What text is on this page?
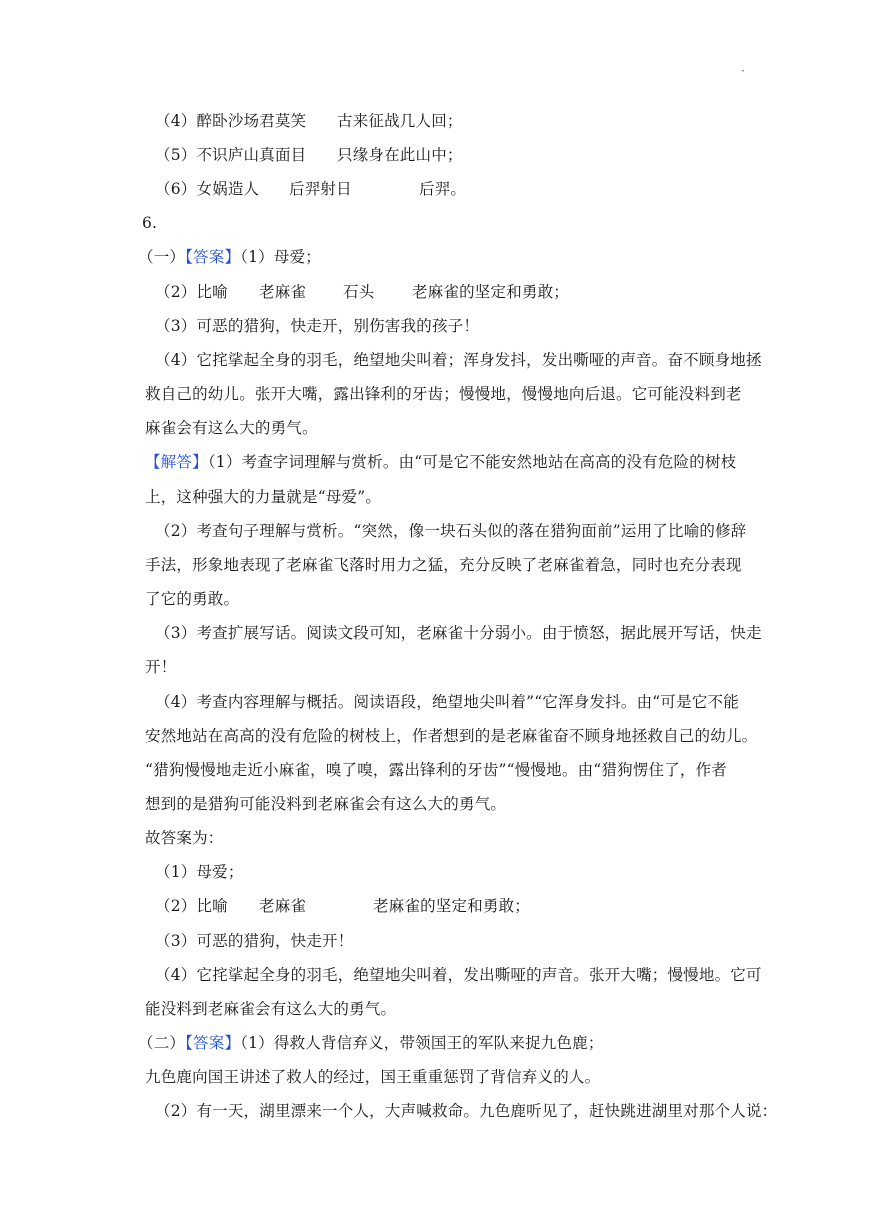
·
（4）醉卧沙场君莫笑 古来征战几人回；
（5）不识庐山真面目 只缘身在此山中；
（6）女娲造人 后羿射日	后羿。
6.
（一）【答案】（1）母爱；
（2）比喻 老麻雀 石头 老麻雀的坚定和勇敢；
（3）可恶的猎狗，快走开，别伤害我的孩子！
（4）它挓挲起全身的羽毛，绝望地尖叫着；浑身发抖，发出嘶哑的声音。奋不顾身地拯
救自己的幼儿。张开大嘴，露出锋利的牙齿；慢慢地，慢慢地向后退。它可能没料到老
麻雀会有这么大的勇气。
【解答】（1）考查字词理解与赏析。由“可是它不能安然地站在高高的没有危险的树枝
上，这种强大的力量就是“母爱”。
（2）考查句子理解与赏析。“突然，像一块石头似的落在猎狗面前”运用了比喻的修辞
手法，形象地表现了老麻雀飞落时用力之猛，充分反映了老麻雀着急，同时也充分表现
了它的勇敢。
（3）考查扩展写话。阅读文段可知，老麻雀十分弱小。由于愤怒，据此展开写话，快走
开！
（4）考查内容理解与概括。阅读语段，绝望地尖叫着”“它浑身发抖。由“可是它不能
安然地站在高高的没有危险的树枝上，作者想到的是老麻雀奋不顾身地拯救自己的幼儿。
“猎狗慢慢地走近小麻雀，嗅了嗅，露出锋利的牙齿”“慢慢地。由“猎狗愣住了，作者
想到的是猎狗可能没料到老麻雀会有这么大的勇气。
故答案为：
（1）母爱；
（2）比喻 老麻雀	老麻雀的坚定和勇敢；
（3）可恶的猎狗，快走开！
（4）它挓挲起全身的羽毛，绝望地尖叫着，发出嘶哑的声音。张开大嘴；慢慢地。它可
能没料到老麻雀会有这么大的勇气。
（二）【答案】（1）得救人背信弃义，带领国王的军队来捉九色鹿；
九色鹿向国王讲述了救人的经过，国王重重惩罚了背信弃义的人。
（2）有一天，湖里漂来一个人，大声喊救命。九色鹿听见了，赶快跳进湖里对那个人说：
